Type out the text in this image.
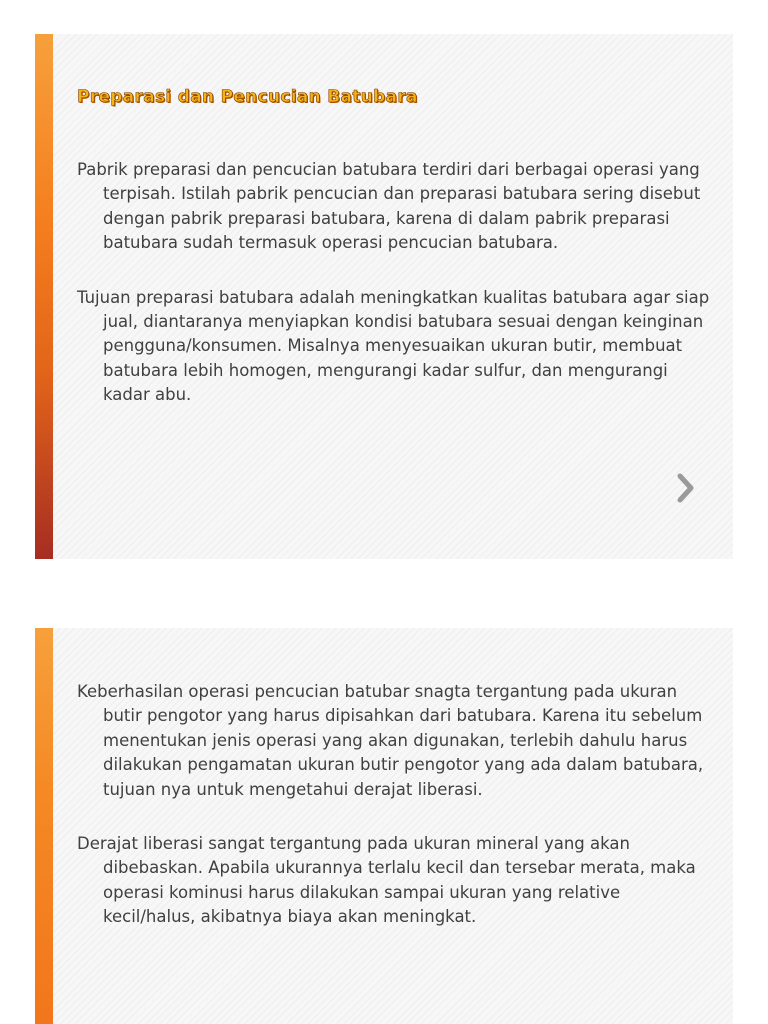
Preparasi dan Pencucian Batubara

Pabrik preparasi dan pencucian batubara terdiri dari berbagai operasi yang terpisah. Istilah pabrik pencucian dan preparasi batubara sering disebut dengan pabrik preparasi batubara, karena di dalam pabrik preparasi batubara sudah termasuk operasi pencucian batubara.

Tujuan preparasi batubara adalah meningkatkan kualitas batubara agar siap jual, diantaranya menyiapkan kondisi batubara sesuai dengan keinginan pengguna/konsumen. Misalnya menyesuaikan ukuran butir, membuat batubara lebih homogen, mengurangi kadar sulfur, dan mengurangi kadar abu.

Keberhasilan operasi pencucian batubar snagta tergantung pada ukuran butir pengotor yang harus dipisahkan dari batubara. Karena itu sebelum menentukan jenis operasi yang akan digunakan, terlebih dahulu harus dilakukan pengamatan ukuran butir pengotor yang ada dalam batubara, tujuan nya untuk mengetahui derajat liberasi.

Derajat liberasi sangat tergantung pada ukuran mineral yang akan dibebaskan. Apabila ukurannya terlalu kecil dan tersebar merata, maka operasi kominusi harus dilakukan sampai ukuran yang relative kecil/halus, akibatnya biaya akan meningkat.
